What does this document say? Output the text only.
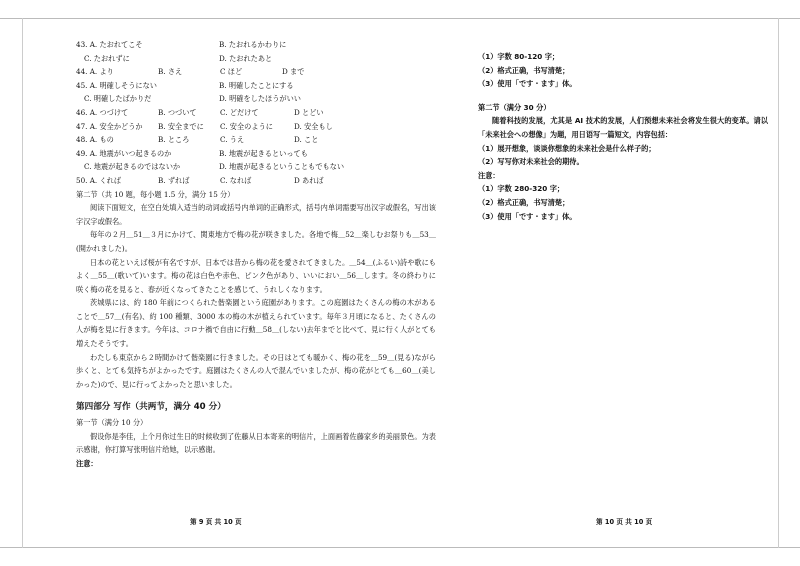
43. A. たおれてこそ	B. たおれるかわりに
C. たおれずに	D. たおれたあと
44. A. より	B. さえ	C ほど	D まで
45. A. 明確しそうにない	B. 明確したことにする
C. 明確したばかりだ	D. 明確をしたほうがいい
46. A. つづけて	B. つづいて	C. どだけて	D とどい
47. A. 安全かどうか	B. 安全までに	C. 安全のように	D. 安全もし
48. A. もの	B. ところ	C. うえ	D. こと
49. A. 地震がいつ起きるのか	B. 地震が起きるといっても
C. 地震が起きるのではないか	D. 地震が起きるということもでもない
50. A. くれば	B. ずれば	C. なれば	D あれば
第二节（共 10 题，每小题 1.5 分，满分 15 分）

阅读下面短文，在空白处填入适当的动词或括号内单词的正确形式，括号内单词需要写出汉字或假名，写出该字汉字或假名。

毎年の２月＿51＿３月にかけて、関東地方で梅の花が咲きました。各地で梅＿52＿楽しむお祭りも＿53＿(開かれました)。

日本の花といえば桜が有名ですが、日本では昔から梅の花を愛されてきました。＿54＿(ふるい)詩や歌にもよく＿55＿(歌いて)います。梅の花は白色や赤色、ピンク色があり、いいにおい＿56＿します。冬の終わりに咲く梅の花を見ると、春が近くなってきたことを感じて、うれしくなります。

茨城県には、約 180 年前につくられた偕楽園という庭園があります。この庭園はたくさんの梅の木があることで＿57＿(有名)、約 100 種類、3000 本の梅の木が植えられています。毎年３月頃になると、たくさんの人が梅を見に行きます。今年は、コロナ禍で自由に行動＿58＿(しない)去年までと比べて、見に行く人がとても増えたそうです。

わたしも東京から２時間かけて偕楽園に行きました。その日はとても暖かく、梅の花を＿59＿(見る)ながら歩くと、とても気持ちがよかったです。庭園はたくさんの人で混んでいましたが、梅の花がとても＿60＿(美しかった)ので、見に行ってよかったと思いました。

第四部分 写作（共两节，满分 40 分）
第一节（满分 10 分）

假设你是李佳，上个月你过生日的时候收到了佐藤从日本寄来的明信片，上面画着佐藤家乡的美丽景色。为表示感谢，你打算写张明信片给她，以示感谢。

注意：
第 9 页 共 10 页
（1）字数 80-120 字；
（2）格式正确，书写清楚；
（3）使用「です・ます」体。
第二节（满分 30 分）

随着科技的发展，尤其是 AI 技术的发展，人们预想未来社会将发生很大的变革。请以「未来社会への想像」为题，用日语写一篇短文，内容包括：

（1）展开想象，谈谈你想象的未来社会是什么样子的；
（2）写写你对未来社会的期待。
注意：
（1）字数 280-320 字；
（2）格式正确，书写清楚；
（3）使用「です・ます」体。
第 10 页 共 10 页
